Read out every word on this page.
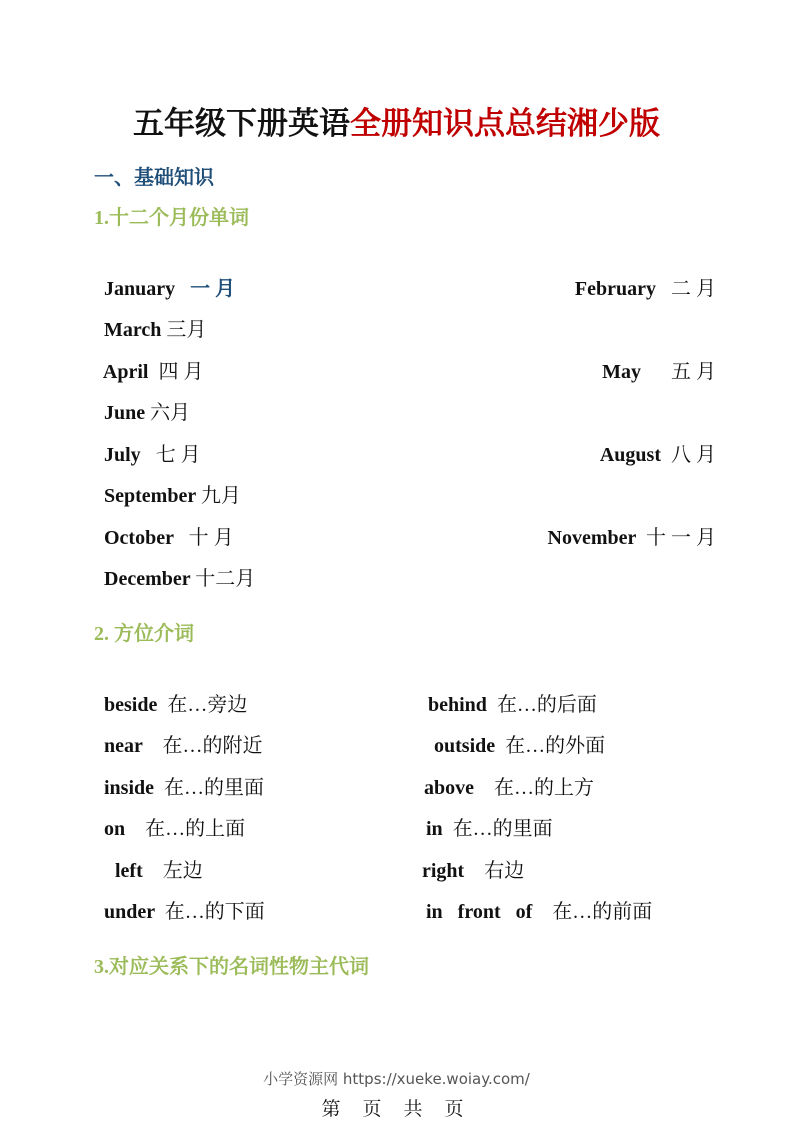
五年级下册英语全册知识点总结湘少版
一、基础知识
1.十二个月份单词

January 一 月	February 二 月

March 三月

April 四 月	May 五 月

June 六月

July 七 月	August 八 月

September 九月

October 十 月	November 十 一 月

December 十二月

2. 方位介词

beside 在…旁边	behind 在…的后面

near 在…的附近	outside 在…的外面

inside 在…的里面	above 在…的上方

on 在…的上面	in 在…的里面

left 左边	right 右边

under 在…的下面	in   front   of 在…的前面

3.对应关系下的名词性物主代词
小学资源网 https://xueke.woiay.com/
第 页 共 页
